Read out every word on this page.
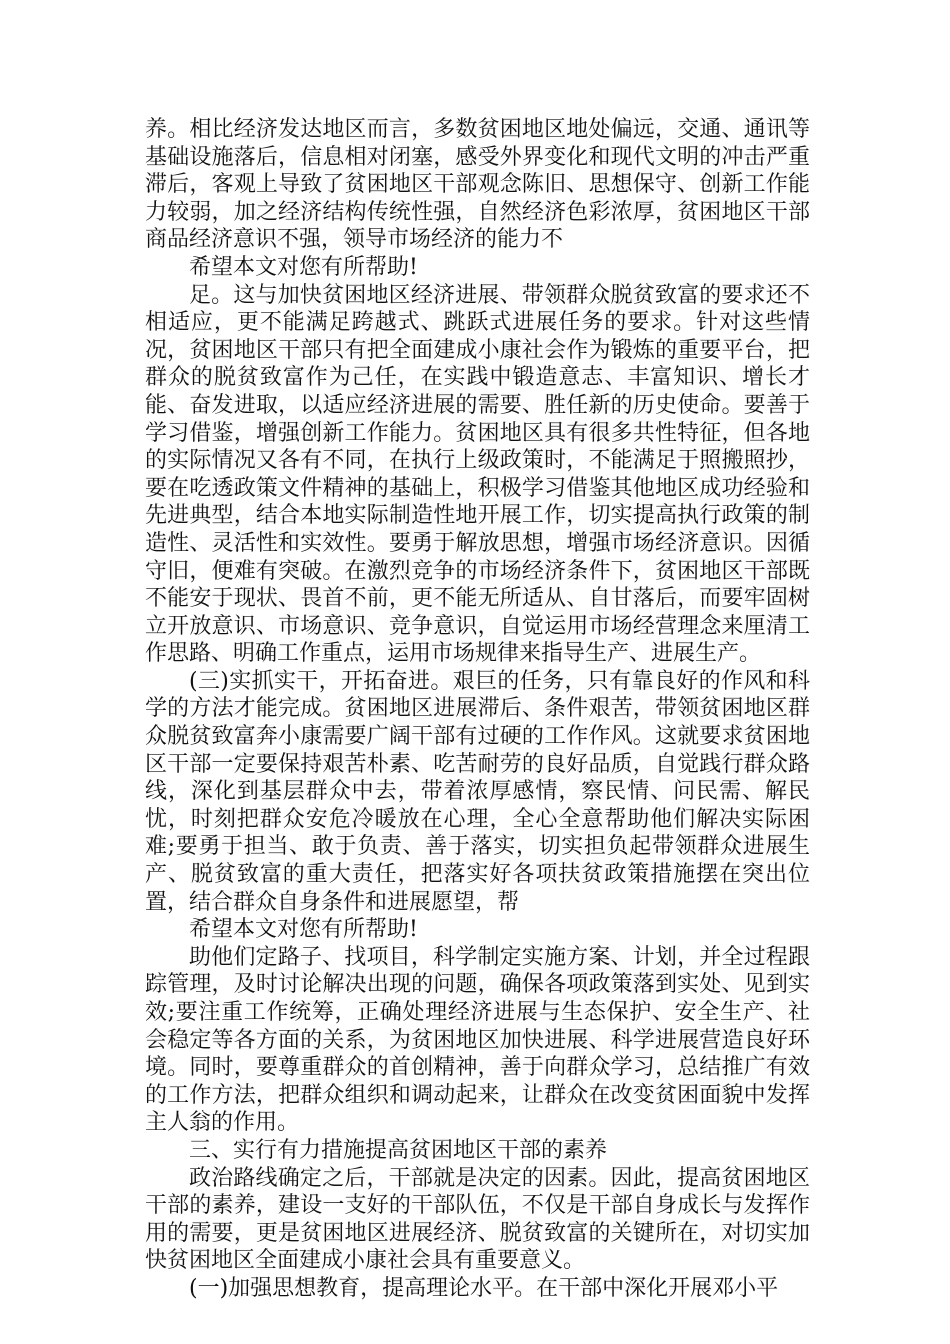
养。相比经济发达地区而言，多数贫困地区地处偏远，交通、通讯等基础设施落后，信息相对闭塞，感受外界变化和现代文明的冲击严重滞后，客观上导致了贫困地区干部观念陈旧、思想保守、创新工作能力较弱，加之经济结构传统性强，自然经济色彩浓厚，贫困地区干部商品经济意识不强，领导市场经济的能力不

希望本文对您有所帮助!

足。这与加快贫困地区经济进展、带领群众脱贫致富的要求还不相适应，更不能满足跨越式、跳跃式进展任务的要求。针对这些情况，贫困地区干部只有把全面建成小康社会作为锻炼的重要平台，把群众的脱贫致富作为己任，在实践中锻造意志、丰富知识、增长才能、奋发进取，以适应经济进展的需要、胜任新的历史使命。要善于学习借鉴，增强创新工作能力。贫困地区具有很多共性特征，但各地的实际情况又各有不同，在执行上级政策时，不能满足于照搬照抄，要在吃透政策文件精神的基础上，积极学习借鉴其他地区成功经验和先进典型，结合本地实际制造性地开展工作，切实提高执行政策的制造性、灵活性和实效性。要勇于解放思想，增强市场经济意识。因循守旧，便难有突破。在激烈竞争的市场经济条件下，贫困地区干部既不能安于现状、畏首不前，更不能无所适从、自甘落后，而要牢固树立开放意识、市场意识、竞争意识，自觉运用市场经营理念来厘清工作思路、明确工作重点，运用市场规律来指导生产、进展生产。

(三)实抓实干，开拓奋进。艰巨的任务，只有靠良好的作风和科学的方法才能完成。贫困地区进展滞后、条件艰苦，带领贫困地区群众脱贫致富奔小康需要广阔干部有过硬的工作作风。这就要求贫困地区干部一定要保持艰苦朴素、吃苦耐劳的良好品质，自觉践行群众路线，深化到基层群众中去，带着浓厚感情，察民情、问民需、解民忧，时刻把群众安危冷暖放在心理，全心全意帮助他们解决实际困难;要勇于担当、敢于负责、善于落实，切实担负起带领群众进展生产、脱贫致富的重大责任，把落实好各项扶贫政策措施摆在突出位置，结合群众自身条件和进展愿望，帮

希望本文对您有所帮助!

助他们定路子、找项目，科学制定实施方案、计划，并全过程跟踪管理，及时讨论解决出现的问题，确保各项政策落到实处、见到实效;要注重工作统筹，正确处理经济进展与生态保护、安全生产、社会稳定等各方面的关系，为贫困地区加快进展、科学进展营造良好环境。同时，要尊重群众的首创精神，善于向群众学习，总结推广有效的工作方法，把群众组织和调动起来，让群众在改变贫困面貌中发挥主人翁的作用。

三、实行有力措施提高贫困地区干部的素养

政治路线确定之后，干部就是决定的因素。因此，提高贫困地区干部的素养，建设一支好的干部队伍，不仅是干部自身成长与发挥作用的需要，更是贫困地区进展经济、脱贫致富的关键所在，对切实加快贫困地区全面建成小康社会具有重要意义。

(一)加强思想教育，提高理论水平。在干部中深化开展邓小平
